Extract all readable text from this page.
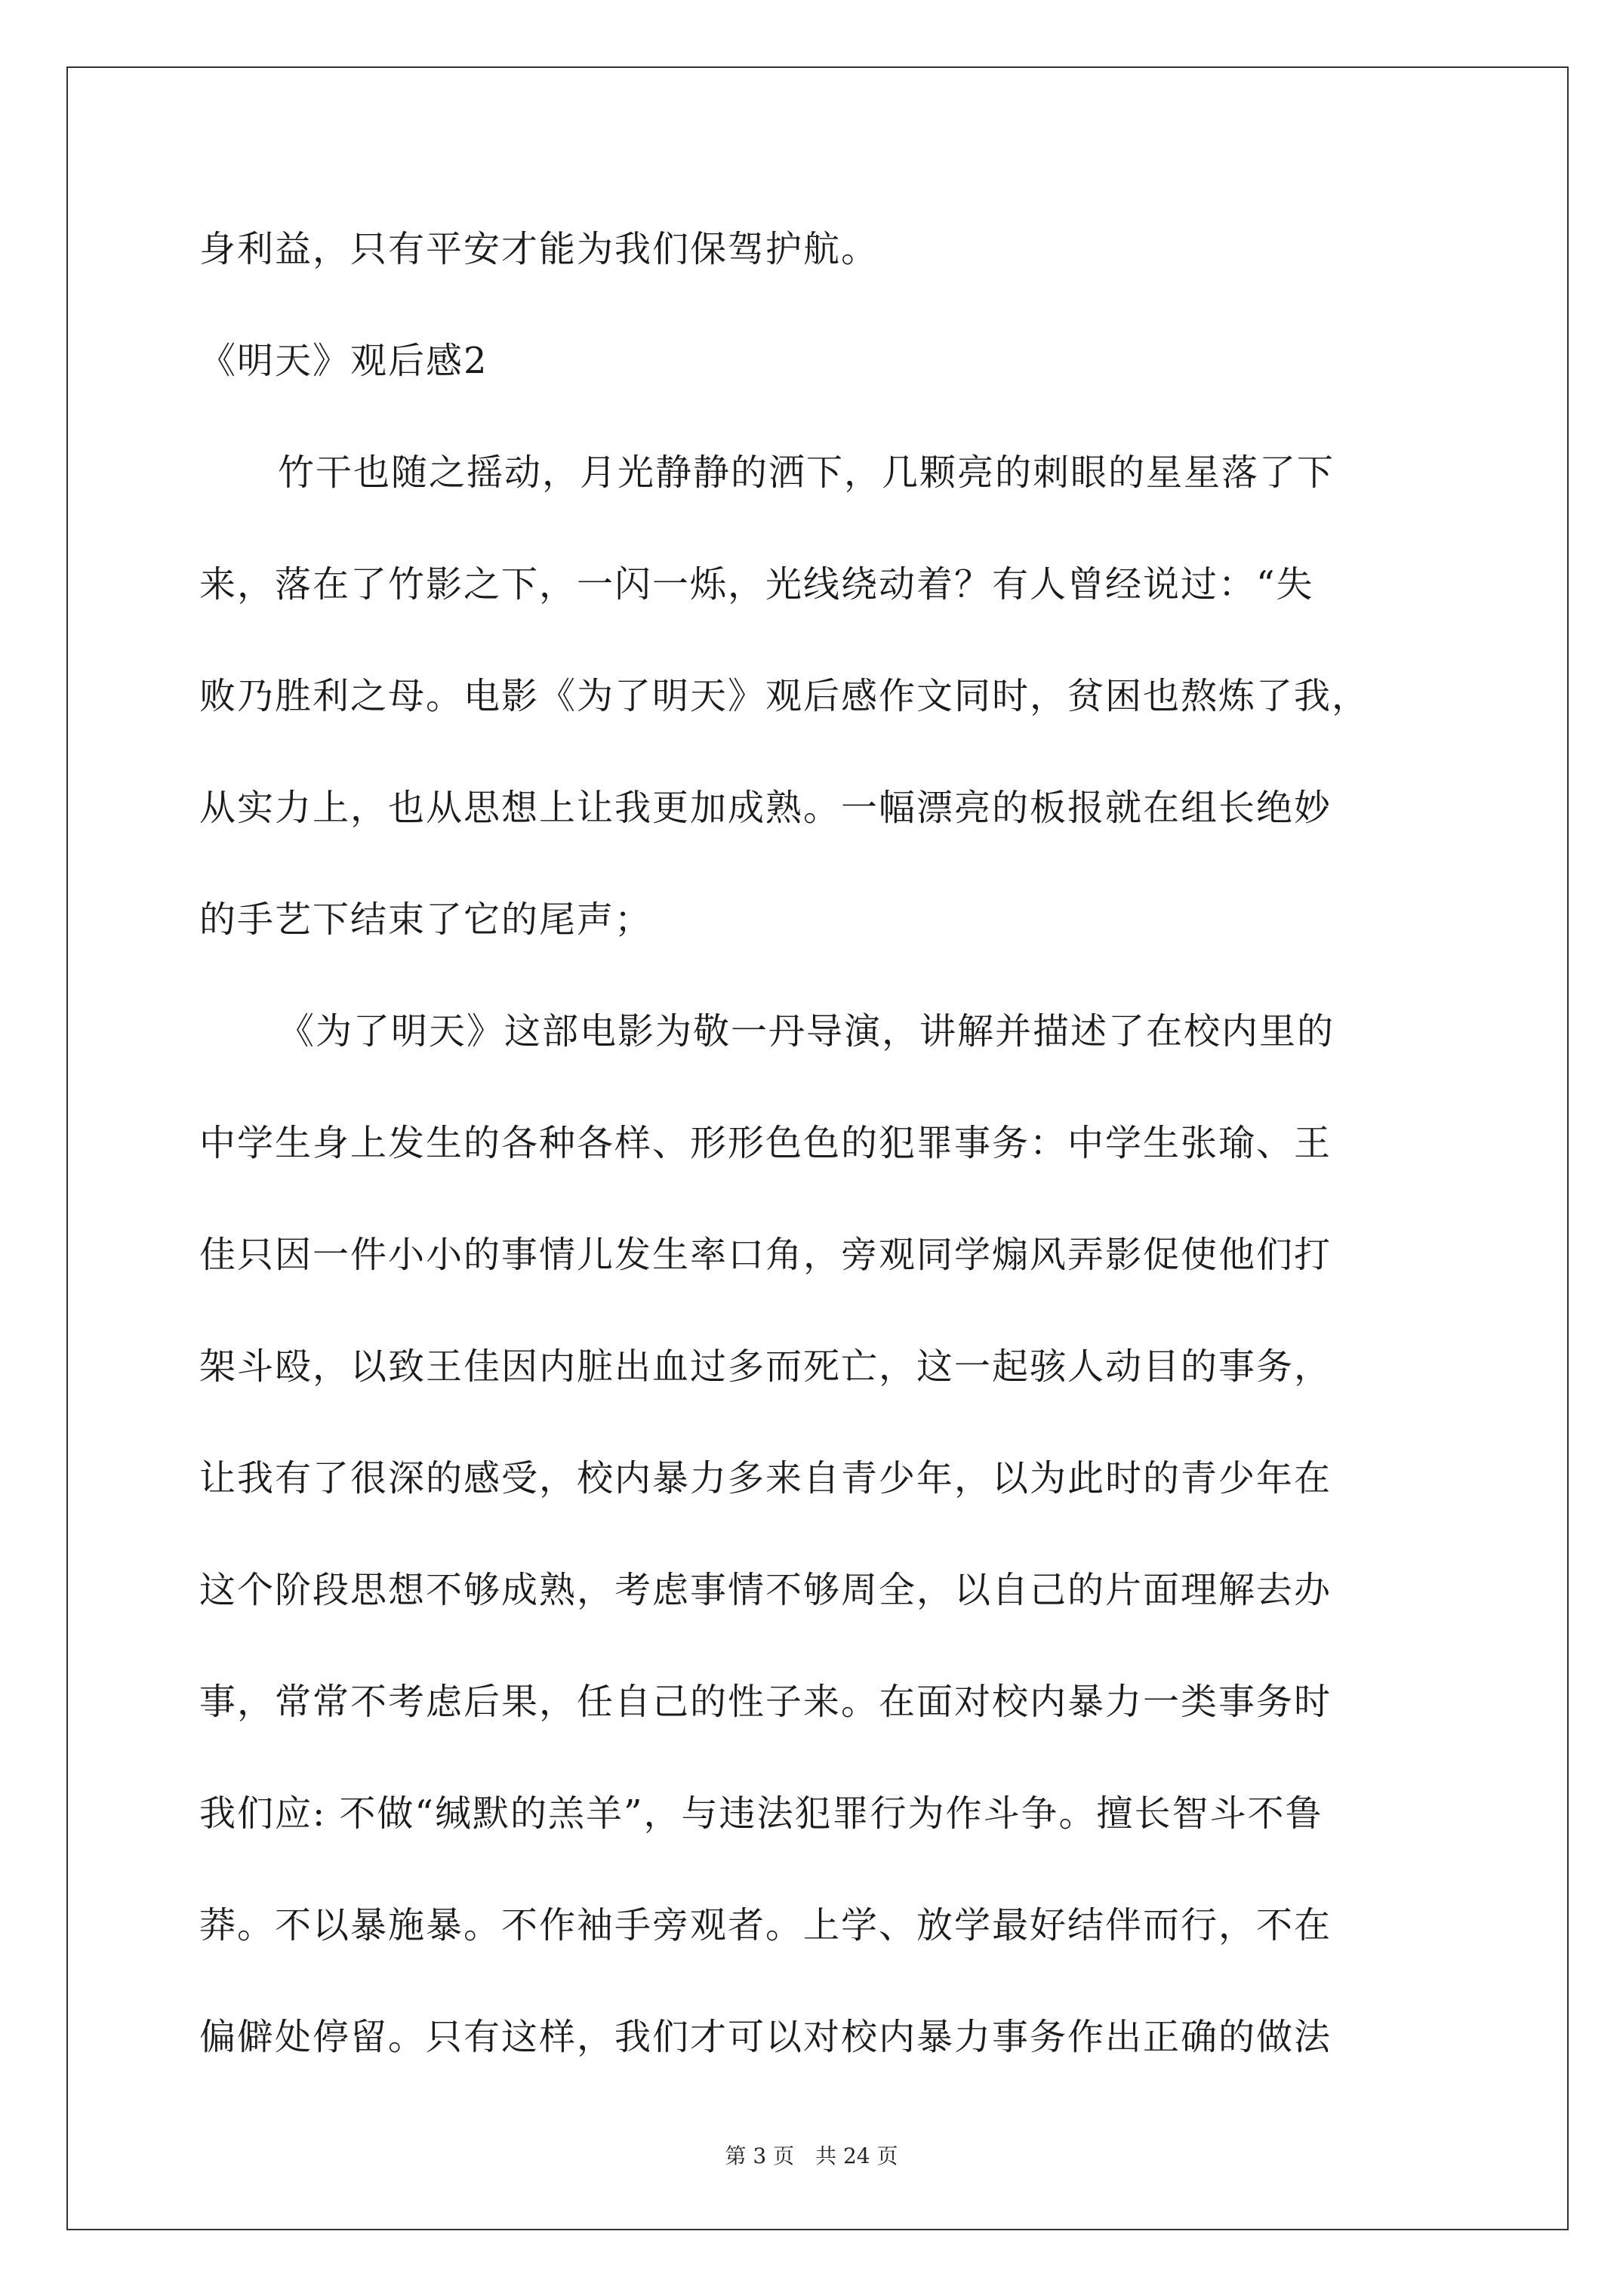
身利益，只有平安才能为我们保驾护航。
《明天》观后感2
竹干也随之摇动，月光静静的洒下，几颗亮的刺眼的星星落了下
来，落在了竹影之下，一闪一烁，光线绕动着？有人曾经说过：“失
败乃胜利之母。电影《为了明天》观后感作文同时，贫困也熬炼了我，
从实力上，也从思想上让我更加成熟。一幅漂亮的板报就在组长绝妙
的手艺下结束了它的尾声；
《为了明天》这部电影为敬一丹导演，讲解并描述了在校内里的
中学生身上发生的各种各样、形形色色的犯罪事务：中学生张瑜、王
佳只因一件小小的事情儿发生率口角，旁观同学煽风弄影促使他们打
架斗殴，以致王佳因内脏出血过多而死亡，这一起骇人动目的事务，
让我有了很深的感受，校内暴力多来自青少年，以为此时的青少年在
这个阶段思想不够成熟，考虑事情不够周全，以自己的片面理解去办
事，常常不考虑后果，任自己的性子来。在面对校内暴力一类事务时
我们应: 不做“缄默的羔羊”，与违法犯罪行为作斗争。擅长智斗不鲁
莽。不以暴施暴。不作袖手旁观者。上学、放学最好结伴而行，不在
偏僻处停留。只有这样，我们才可以对校内暴力事务作出正确的做法
第 3 页　共 24 页
